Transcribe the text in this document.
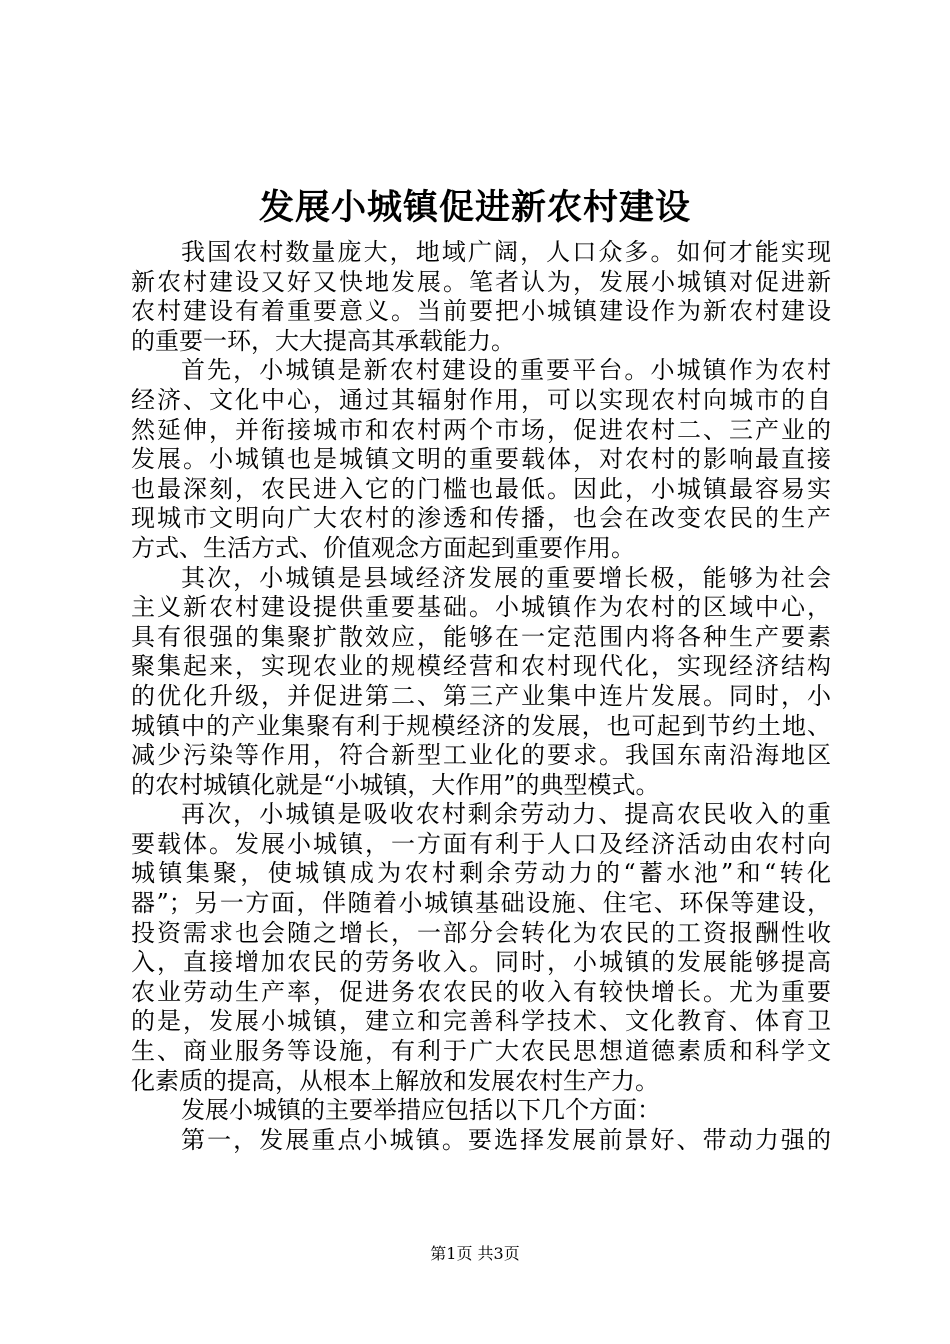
发展小城镇促进新农村建设
我国农村数量庞大，地域广阔，人口众多。如何才能实现
新农村建设又好又快地发展。笔者认为，发展小城镇对促进新
农村建设有着重要意义。当前要把小城镇建设作为新农村建设
的重要一环，大大提高其承载能力。
首先，小城镇是新农村建设的重要平台。小城镇作为农村
经济、文化中心，通过其辐射作用，可以实现农村向城市的自
然延伸，并衔接城市和农村两个市场，促进农村二、三产业的
发展。小城镇也是城镇文明的重要载体，对农村的影响最直接
也最深刻，农民进入它的门槛也最低。因此，小城镇最容易实
现城市文明向广大农村的渗透和传播，也会在改变农民的生产
方式、生活方式、价值观念方面起到重要作用。
其次，小城镇是县域经济发展的重要增长极，能够为社会
主义新农村建设提供重要基础。小城镇作为农村的区域中心，
具有很强的集聚扩散效应，能够在一定范围内将各种生产要素
聚集起来，实现农业的规模经营和农村现代化，实现经济结构
的优化升级，并促进第二、第三产业集中连片发展。同时，小
城镇中的产业集聚有利于规模经济的发展，也可起到节约土地、
减少污染等作用，符合新型工业化的要求。我国东南沿海地区
的农村城镇化就是“小城镇，大作用”的典型模式。
再次，小城镇是吸收农村剩余劳动力、提高农民收入的重
要载体。发展小城镇，一方面有利于人口及经济活动由农村向
城镇集聚，使城镇成为农村剩余劳动力的“蓄水池”和“转化
器”；另一方面，伴随着小城镇基础设施、住宅、环保等建设，
投资需求也会随之增长，一部分会转化为农民的工资报酬性收
入，直接增加农民的劳务收入。同时，小城镇的发展能够提高
农业劳动生产率，促进务农农民的收入有较快增长。尤为重要
的是，发展小城镇，建立和完善科学技术、文化教育、体育卫
生、商业服务等设施，有利于广大农民思想道德素质和科学文
化素质的提高，从根本上解放和发展农村生产力。
发展小城镇的主要举措应包括以下几个方面：
第一，发展重点小城镇。要选择发展前景好、带动力强的
第1页 共3页
